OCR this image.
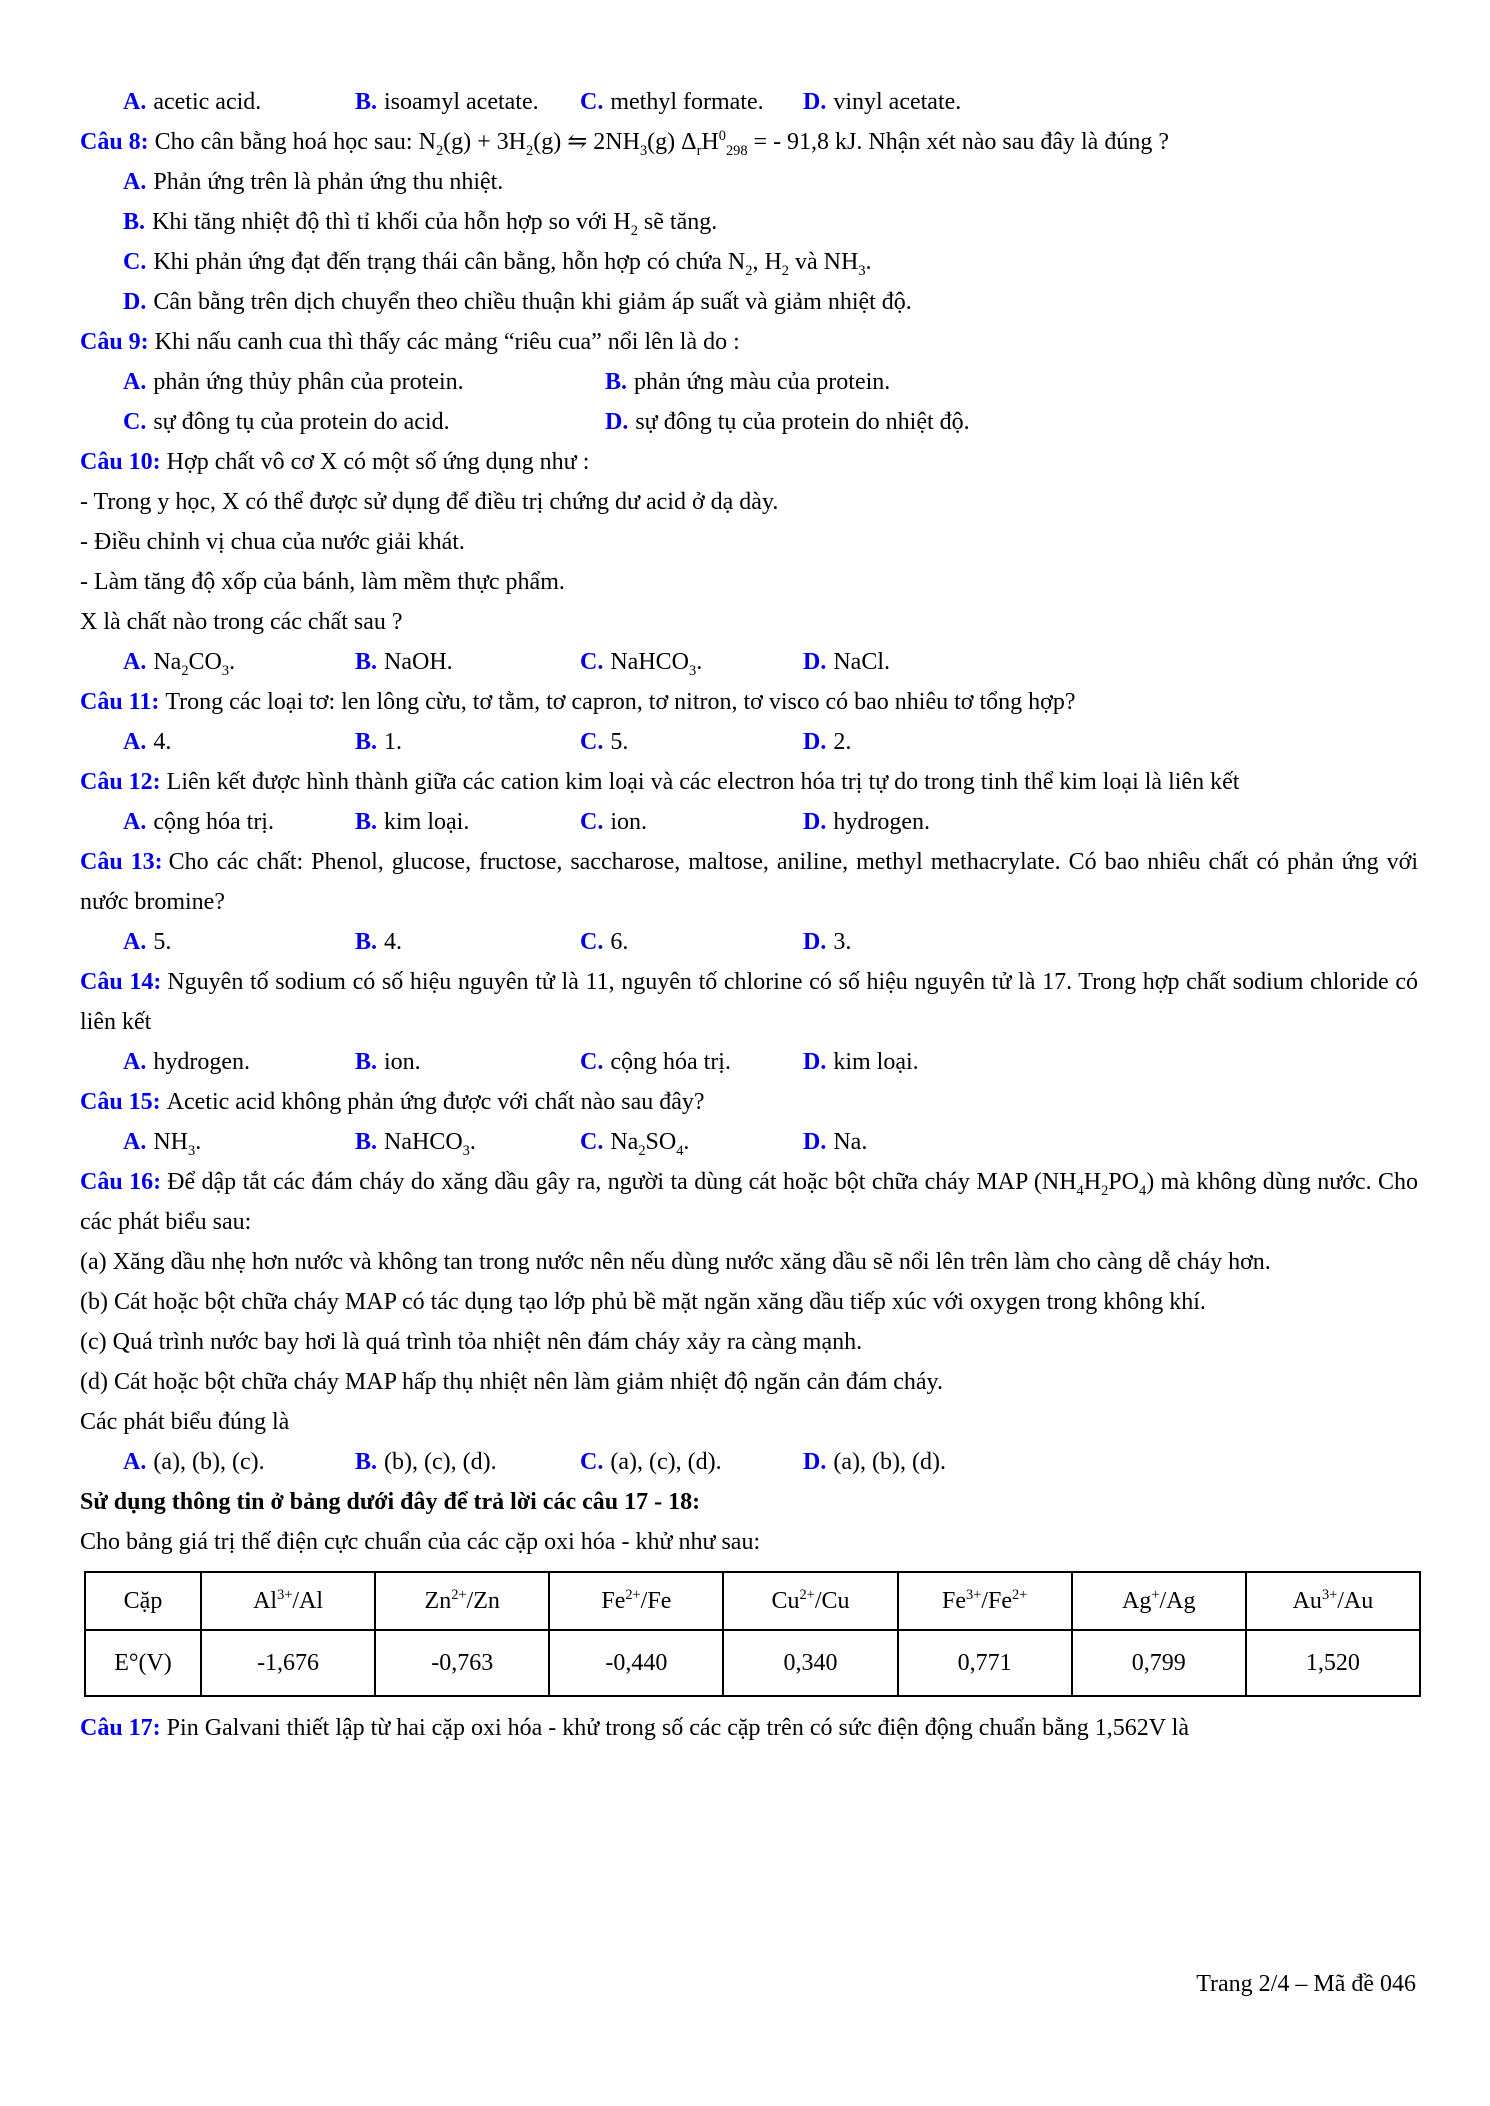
A. acetic acid.	B. isoamyl acetate.	C. methyl formate.	D. vinyl acetate.

Câu 8: Cho cân bằng hoá học sau: $N_2(g) + 3H_2(g)$ ⇋ $2NH_3(g) \Delta_rH^0_{298}$ = - 91,8 kJ. Nhận xét nào sau đây là đúng ?

A. Phản ứng trên là phản ứng thu nhiệt.
B. Khi tăng nhiệt độ thì tỉ khối của hỗn hợp so với $H_2$ sẽ tăng.
C. Khi phản ứng đạt đến trạng thái cân bằng, hỗn hợp có chứa $N_2$, $H_2$ và $NH_3$.
D. Cân bằng trên dịch chuyển theo chiều thuận khi giảm áp suất và giảm nhiệt độ.

Câu 9: Khi nấu canh cua thì thấy các mảng “riêu cua” nổi lên là do :

A. phản ứng thủy phân của protein.	B. phản ứng màu của protein.
C. sự đông tụ của protein do acid.	D. sự đông tụ của protein do nhiệt độ.

Câu 10: Hợp chất vô cơ X có một số ứng dụng như :

- Trong y học, X có thể được sử dụng để điều trị chứng dư acid ở dạ dày.

- Điều chỉnh vị chua của nước giải khát.

- Làm tăng độ xốp của bánh, làm mềm thực phẩm.

X là chất nào trong các chất sau ?

A. $Na_2CO_3$.	B. NaOH.	C. NaHCO$_3$.	D. NaCl.

Câu 11: Trong các loại tơ: len lông cừu, tơ tằm, tơ capron, tơ nitron, tơ visco có bao nhiêu tơ tổng hợp?

A. 4.	B. 1.	C. 5.	D. 2.

Câu 12: Liên kết được hình thành giữa các cation kim loại và các electron hóa trị tự do trong tinh thể kim loại là liên kết

A. cộng hóa trị.	B. kim loại.	C. ion.	D. hydrogen.

Câu 13: Cho các chất: Phenol, glucose, fructose, saccharose, maltose, aniline, methyl methacrylate. Có bao nhiêu chất có phản ứng với nước bromine?

A. 5.	B. 4.	C. 6.	D. 3.

Câu 14: Nguyên tố sodium có số hiệu nguyên tử là 11, nguyên tố chlorine có số hiệu nguyên tử là 17. Trong hợp chất sodium chloride có liên kết

A. hydrogen.	B. ion.	C. cộng hóa trị.	D. kim loại.

Câu 15: Acetic acid không phản ứng được với chất nào sau đây?

A. $NH_3$.	B. NaHCO$_3$.	C. $Na_2SO_4$.	D. Na.

Câu 16: Để dập tắt các đám cháy do xăng dầu gây ra, người ta dùng cát hoặc bột chữa cháy MAP $(NH_4H_2PO_4)$ mà không dùng nước. Cho các phát biểu sau:

(a) Xăng dầu nhẹ hơn nước và không tan trong nước nên nếu dùng nước xăng dầu sẽ nổi lên trên làm cho càng dễ cháy hơn.

(b) Cát hoặc bột chữa cháy MAP có tác dụng tạo lớp phủ bề mặt ngăn xăng dầu tiếp xúc với oxygen trong không khí.

(c) Quá trình nước bay hơi là quá trình tỏa nhiệt nên đám cháy xảy ra càng mạnh.

(d) Cát hoặc bột chữa cháy MAP hấp thụ nhiệt nên làm giảm nhiệt độ ngăn cản đám cháy.

Các phát biểu đúng là

A. (a), (b), (c).	B. (b), (c), (d).	C. (a), (c), (d).	D. (a), (b), (d).

Sử dụng thông tin ở bảng dưới đây để trả lời các câu 17 - 18:

Cho bảng giá trị thế điện cực chuẩn của các cặp oxi hóa - khử như sau:

Cặp	$Al^{3+}/Al$	$Zn^{2+}/Zn$	$Fe^{2+}/Fe$	$Cu^{2+}/Cu$	$Fe^{3+}/Fe^{2+}$	Ag+/Ag	$Au^{3+}/Au$
E°(V)	-1,676	-0,763	-0,440	0,340	0,771	0,799	1,520

Câu 17: Pin Galvani thiết lập từ hai cặp oxi hóa - khử trong số các cặp trên có sức điện động chuẩn bằng 1,562V là

Trang 2/4 – Mã đề 046
